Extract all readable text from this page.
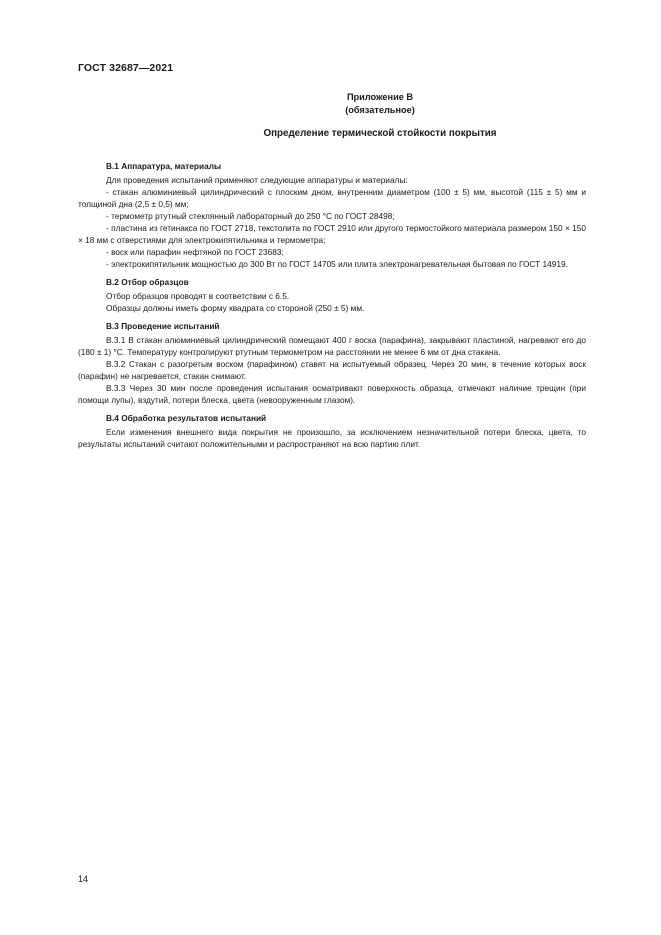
ГОСТ 32687—2021
Приложение В
(обязательное)
Определение термической стойкости покрытия
В.1 Аппаратура, материалы

Для проведения испытаний применяют следующие аппаратуры и материалы:

- стакан алюминиевый цилиндрический с плоским дном, внутренним диаметром (100 ± 5) мм, высотой (115 ± 5) мм и толщиной дна (2,5 ± 0,5) мм;

- термометр ртутный стеклянный лабораторный до 250 °С по ГОСТ 28498;

- пластина из гетинакса по ГОСТ 2718, текстолита по ГОСТ 2910 или другого термостойкого материала размером 150 × 150 × 18 мм с отверстиями для электрокипятильника и термометра;

- воск или парафин нефтяной по ГОСТ 23683;

- электрокипятильник мощностью до 300 Вт по ГОСТ 14705 или плита электронагревательная бытовая по ГОСТ 14919.

В.2 Отбор образцов

Отбор образцов проводят в соответствии с 6.5.

Образцы должны иметь форму квадрата со стороной (250 ± 5) мм.

В.3 Проведение испытаний

В.3.1 В стакан алюминиевый цилиндрический помещают 400 г воска (парафина), закрывают пластиной, нагревают его до (180 ± 1) °С. Температуру контролируют ртутным термометром на расстоянии не менее 6 мм от дна стакана.

В.3.2 Стакан с разогретым воском (парафином) ставят на испытуемый образец. Через 20 мин, в течение которых воск (парафин) не нагревается, стакан снимают.

В.3.3 Через 30 мин после проведения испытания осматривают поверхность образца, отмечают наличие трещин (при помощи лупы), вздутий, потери блеска, цвета (невооруженным глазом).

В.4 Обработка результатов испытаний

Если изменения внешнего вида покрытия не произошло, за исключением незначительной потери блеска, цвета, то результаты испытаний считают положительными и распространяют на всю партию плит.

14
